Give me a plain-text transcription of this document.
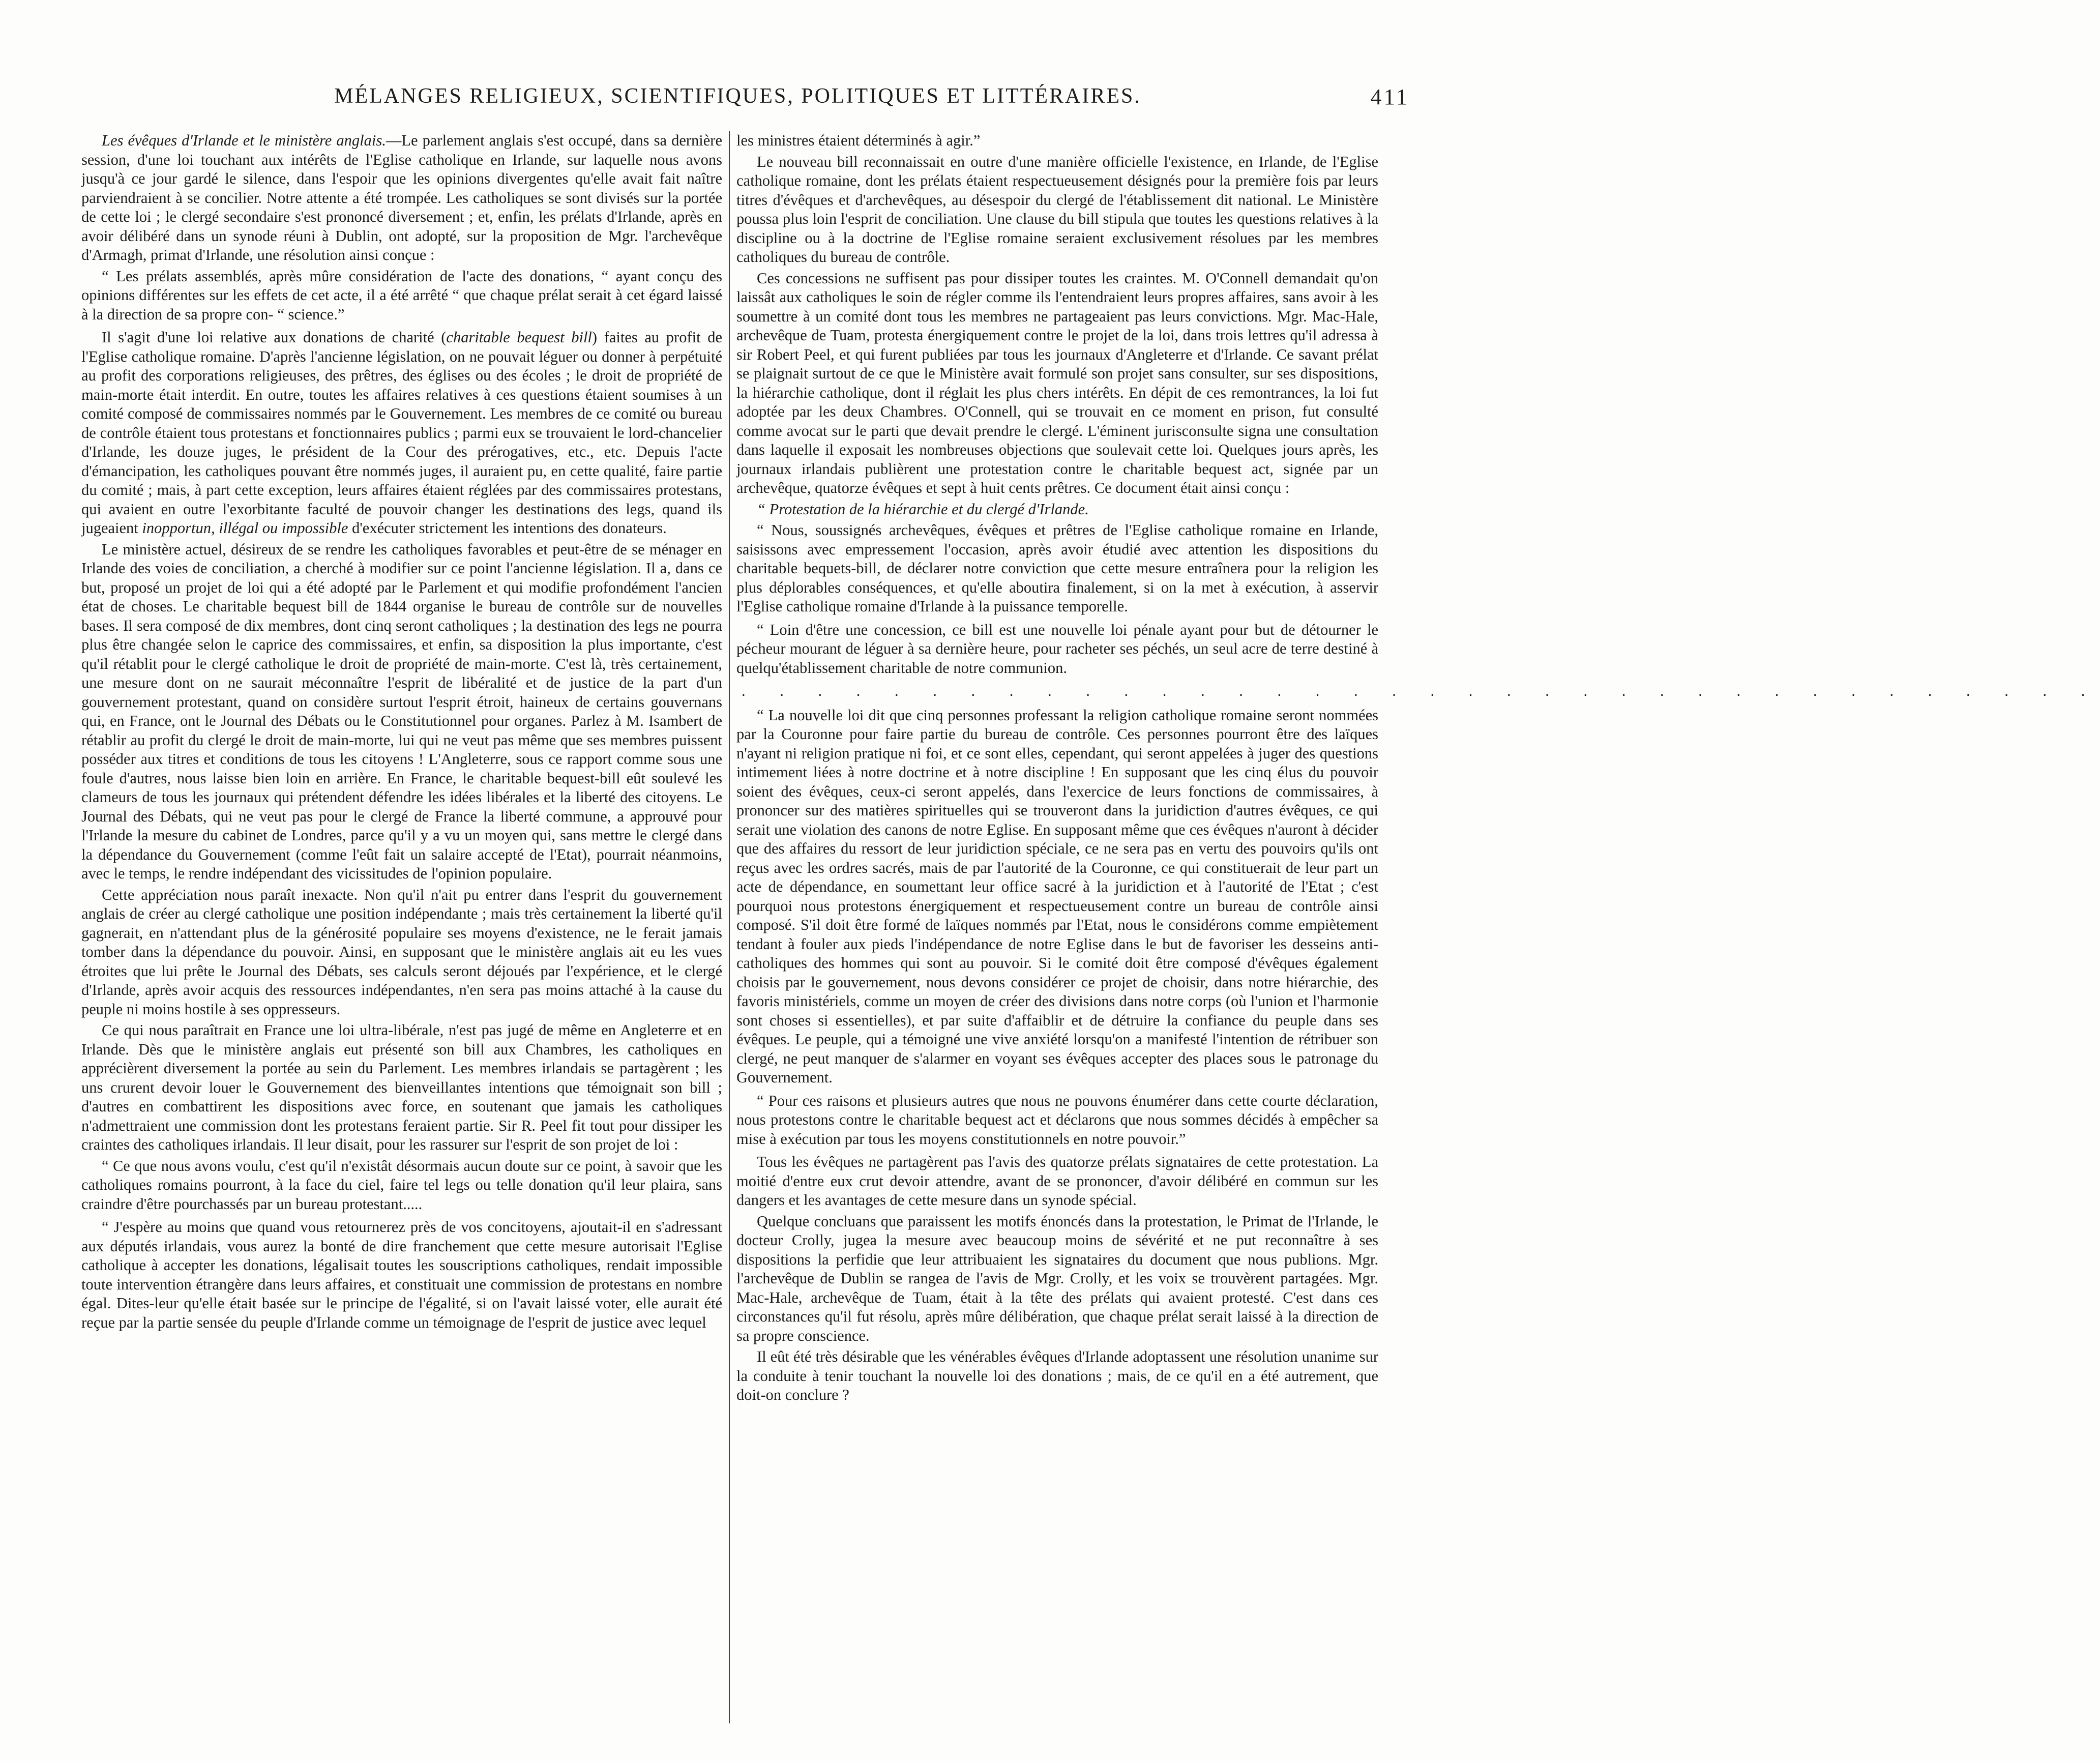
MÉLANGES RELIGIEUX, SCIENTIFIQUES, POLITIQUES ET LITTÉRAIRES.	411

Les évêques d'Irlande et le ministère anglais.—Le parlement anglais s'est occupé, dans sa dernière session, d'une loi touchant aux intérêts de l'Eglise catholique en Irlande, sur laquelle nous avons jusqu'à ce jour gardé le silence, dans l'espoir que les opinions divergentes qu'elle avait fait naître parviendraient à se concilier. Notre attente a été trompée. Les catholiques se sont divisés sur la portée de cette loi ; le clergé secondaire s'est prononcé diversement ; et, enfin, les prélats d'Irlande, après en avoir délibéré dans un synode réuni à Dublin, ont adopté, sur la proposition de Mgr. l'archevêque d'Armagh, primat d'Irlande, une résolution ainsi conçue :

“ Les prélats assemblés, après mûre considération de l'acte des donations, “ ayant conçu des opinions différentes sur les effets de cet acte, il a été arrêté “ que chaque prélat serait à cet égard laissé à la direction de sa propre con- “ science.”

Il s'agit d'une loi relative aux donations de charité (charitable bequest bill) faites au profit de l'Eglise catholique romaine. D'après l'ancienne législation, on ne pouvait léguer ou donner à perpétuité au profit des corporations religieuses, des prêtres, des églises ou des écoles ; le droit de propriété de main-morte était interdit. En outre, toutes les affaires relatives à ces questions étaient soumises à un comité composé de commissaires nommés par le Gouvernement. Les membres de ce comité ou bureau de contrôle étaient tous protestans et fonctionnaires publics ; parmi eux se trouvaient le lord-chancelier d'Irlande, les douze juges, le président de la Cour des prérogatives, etc., etc. Depuis l'acte d'émancipation, les catholiques pouvant être nommés juges, il auraient pu, en cette qualité, faire partie du comité ; mais, à part cette exception, leurs affaires étaient réglées par des commissaires protestans, qui avaient en outre l'exorbitante faculté de pouvoir changer les destinations des legs, quand ils jugeaient inopportun, illégal ou impossible d'exécuter strictement les intentions des donateurs.

Le ministère actuel, désireux de se rendre les catholiques favorables et peut-être de se ménager en Irlande des voies de conciliation, a cherché à modifier sur ce point l'ancienne législation. Il a, dans ce but, proposé un projet de loi qui a été adopté par le Parlement et qui modifie profondément l'ancien état de choses. Le charitable bequest bill de 1844 organise le bureau de contrôle sur de nouvelles bases. Il sera composé de dix membres, dont cinq seront catholiques ; la destination des legs ne pourra plus être changée selon le caprice des commissaires, et enfin, sa disposition la plus importante, c'est qu'il rétablit pour le clergé catholique le droit de propriété de main-morte. C'est là, très certainement, une mesure dont on ne saurait méconnaître l'esprit de libéralité et de justice de la part d'un gouvernement protestant, quand on considère surtout l'esprit étroit, haineux de certains gouvernans qui, en France, ont le Journal des Débats ou le Constitutionnel pour organes. Parlez à M. Isambert de rétablir au profit du clergé le droit de main-morte, lui qui ne veut pas même que ses membres puissent posséder aux titres et conditions de tous les citoyens ! L'Angleterre, sous ce rapport comme sous une foule d'autres, nous laisse bien loin en arrière. En France, le charitable bequest-bill eût soulevé les clameurs de tous les journaux qui prétendent défendre les idées libérales et la liberté des citoyens. Le Journal des Débats, qui ne veut pas pour le clergé de France la liberté commune, a approuvé pour l'Irlande la mesure du cabinet de Londres, parce qu'il y a vu un moyen qui, sans mettre le clergé dans la dépendance du Gouvernement (comme l'eût fait un salaire accepté de l'Etat), pourrait néanmoins, avec le temps, le rendre indépendant des vicissitudes de l'opinion populaire.

Cette appréciation nous paraît inexacte. Non qu'il n'ait pu entrer dans l'esprit du gouvernement anglais de créer au clergé catholique une position indépendante ; mais très certainement la liberté qu'il gagnerait, en n'attendant plus de la générosité populaire ses moyens d'existence, ne le ferait jamais tomber dans la dépendance du pouvoir. Ainsi, en supposant que le ministère anglais ait eu les vues étroites que lui prête le Journal des Débats, ses calculs seront déjoués par l'expérience, et le clergé d'Irlande, après avoir acquis des ressources indépendantes, n'en sera pas moins attaché à la cause du peuple ni moins hostile à ses oppresseurs.

Ce qui nous paraîtrait en France une loi ultra-libérale, n'est pas jugé de même en Angleterre et en Irlande. Dès que le ministère anglais eut présenté son bill aux Chambres, les catholiques en apprécièrent diversement la portée au sein du Parlement. Les membres irlandais se partagèrent ; les uns crurent devoir louer le Gouvernement des bienveillantes intentions que témoignait son bill ; d'autres en combattirent les dispositions avec force, en soutenant que jamais les catholiques n'admettraient une commission dont les protestans feraient partie. Sir R. Peel fit tout pour dissiper les craintes des catholiques irlandais. Il leur disait, pour les rassurer sur l'esprit de son projet de loi :

“ Ce que nous avons voulu, c'est qu'il n'existât désormais aucun doute sur ce point, à savoir que les catholiques romains pourront, à la face du ciel, faire tel legs ou telle donation qu'il leur plaira, sans craindre d'être pourchassés par un bureau protestant.....

“ J'espère au moins que quand vous retournerez près de vos concitoyens, ajoutait-il en s'adressant aux députés irlandais, vous aurez la bonté de dire franchement que cette mesure autorisait l'Eglise catholique à accepter les donations, légalisait toutes les souscriptions catholiques, rendait impossible toute intervention étrangère dans leurs affaires, et constituait une commission de protestans en nombre égal. Dites-leur qu'elle était basée sur le principe de l'égalité, si on l'avait laissé voter, elle aurait été reçue par la partie sensée du peuple d'Irlande comme un témoignage de l'esprit de justice avec lequel

les ministres étaient déterminés à agir.”

Le nouveau bill reconnaissait en outre d'une manière officielle l'existence, en Irlande, de l'Eglise catholique romaine, dont les prélats étaient respectueusement désignés pour la première fois par leurs titres d'évêques et d'archevêques, au désespoir du clergé de l'établissement dit national. Le Ministère poussa plus loin l'esprit de conciliation. Une clause du bill stipula que toutes les questions relatives à la discipline ou à la doctrine de l'Eglise romaine seraient exclusivement résolues par les membres catholiques du bureau de contrôle.

Ces concessions ne suffisent pas pour dissiper toutes les craintes. M. O'Connell demandait qu'on laissât aux catholiques le soin de régler comme ils l'entendraient leurs propres affaires, sans avoir à les soumettre à un comité dont tous les membres ne partageaient pas leurs convictions. Mgr. Mac-Hale, archevêque de Tuam, protesta énergiquement contre le projet de la loi, dans trois lettres qu'il adressa à sir Robert Peel, et qui furent publiées par tous les journaux d'Angleterre et d'Irlande. Ce savant prélat se plaignait surtout de ce que le Ministère avait formulé son projet sans consulter, sur ses dispositions, la hiérarchie catholique, dont il réglait les plus chers intérêts. En dépit de ces remontrances, la loi fut adoptée par les deux Chambres. O'Connell, qui se trouvait en ce moment en prison, fut consulté comme avocat sur le parti que devait prendre le clergé. L'éminent jurisconsulte signa une consultation dans laquelle il exposait les nombreuses objections que soulevait cette loi. Quelques jours après, les journaux irlandais publièrent une protestation contre le charitable bequest act, signée par un archevêque, quatorze évêques et sept à huit cents prêtres. Ce document était ainsi conçu :

“ Protestation de la hiérarchie et du clergé d'Irlande.

“ Nous, soussignés archevêques, évêques et prêtres de l'Eglise catholique romaine en Irlande, saisissons avec empressement l'occasion, après avoir étudié avec attention les dispositions du charitable bequets-bill, de déclarer notre conviction que cette mesure entraînera pour la religion les plus déplorables conséquences, et qu'elle aboutira finalement, si on la met à exécution, à asservir l'Eglise catholique romaine d'Irlande à la puissance temporelle.

“ Loin d'être une concession, ce bill est une nouvelle loi pénale ayant pour but de détourner le pécheur mourant de léguer à sa dernière heure, pour racheter ses péchés, un seul acre de terre destiné à quelqu'établissement charitable de notre communion.

. . . . . . . . . . . . . . . . . . . . . . . . . . . . . . . . . . . .

“ La nouvelle loi dit que cinq personnes professant la religion catholique romaine seront nommées par la Couronne pour faire partie du bureau de contrôle. Ces personnes pourront être des laïques n'ayant ni religion pratique ni foi, et ce sont elles, cependant, qui seront appelées à juger des questions intimement liées à notre doctrine et à notre discipline ! En supposant que les cinq élus du pouvoir soient des évêques, ceux-ci seront appelés, dans l'exercice de leurs fonctions de commissaires, à prononcer sur des matières spirituelles qui se trouveront dans la juridiction d'autres évêques, ce qui serait une violation des canons de notre Eglise. En supposant même que ces évêques n'auront à décider que des affaires du ressort de leur juridiction spéciale, ce ne sera pas en vertu des pouvoirs qu'ils ont reçus avec les ordres sacrés, mais de par l'autorité de la Couronne, ce qui constituerait de leur part un acte de dépendance, en soumettant leur office sacré à la juridiction et à l'autorité de l'Etat ; c'est pourquoi nous protestons énergiquement et respectueusement contre un bureau de contrôle ainsi composé. S'il doit être formé de laïques nommés par l'Etat, nous le considérons comme empiètement tendant à fouler aux pieds l'indépendance de notre Eglise dans le but de favoriser les desseins anti-catholiques des hommes qui sont au pouvoir. Si le comité doit être composé d'évêques également choisis par le gouvernement, nous devons considérer ce projet de choisir, dans notre hiérarchie, des favoris ministériels, comme un moyen de créer des divisions dans notre corps (où l'union et l'harmonie sont choses si essentielles), et par suite d'affaiblir et de détruire la confiance du peuple dans ses évêques. Le peuple, qui a témoigné une vive anxiété lorsqu'on a manifesté l'intention de rétribuer son clergé, ne peut manquer de s'alarmer en voyant ses évêques accepter des places sous le patronage du Gouvernement.

“ Pour ces raisons et plusieurs autres que nous ne pouvons énumérer dans cette courte déclaration, nous protestons contre le charitable bequest act et déclarons que nous sommes décidés à empêcher sa mise à exécution par tous les moyens constitutionnels en notre pouvoir.”

Tous les évêques ne partagèrent pas l'avis des quatorze prélats signataires de cette protestation. La moitié d'entre eux crut devoir attendre, avant de se prononcer, d'avoir délibéré en commun sur les dangers et les avantages de cette mesure dans un synode spécial.

Quelque concluans que paraissent les motifs énoncés dans la protestation, le Primat de l'Irlande, le docteur Crolly, jugea la mesure avec beaucoup moins de sévérité et ne put reconnaître à ses dispositions la perfidie que leur attribuaient les signataires du document que nous publions. Mgr. l'archevêque de Dublin se rangea de l'avis de Mgr. Crolly, et les voix se trouvèrent partagées. Mgr. Mac-Hale, archevêque de Tuam, était à la tête des prélats qui avaient protesté. C'est dans ces circonstances qu'il fut résolu, après mûre délibération, que chaque prélat serait laissé à la direction de sa propre conscience.

Il eût été très désirable que les vénérables évêques d'Irlande adoptassent une résolution unanime sur la conduite à tenir touchant la nouvelle loi des donations ; mais, de ce qu'il en a été autrement, que doit-on conclure ?
